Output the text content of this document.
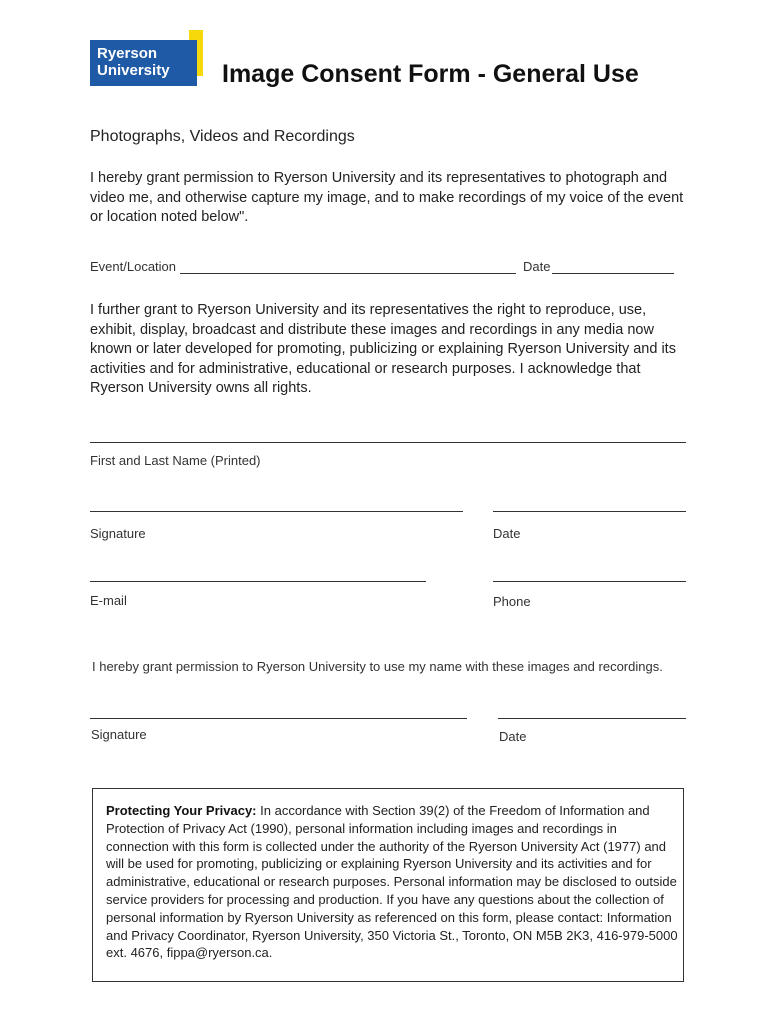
Ryerson
University Image Consent Form - General Use
Photographs, Videos and Recordings
I hereby grant permission to Ryerson University and its representatives to photograph and video me, and otherwise capture my image, and to make recordings of my voice of the event or location noted below".
Event/Location	Date
I further grant to Ryerson University and its representatives the right to reproduce, use, exhibit, display, broadcast and distribute these images and recordings in any media now known or later developed for promoting, publicizing or explaining Ryerson University and its activities and for administrative, educational or research purposes. I acknowledge that Ryerson University owns all rights.
First and Last Name (Printed)
Signature	Date
E-mail	Phone
I hereby grant permission to Ryerson University to use my name with these images and recordings.
Signature	Date
Protecting Your Privacy: In accordance with Section 39(2) of the Freedom of Information and Protection of Privacy Act (1990), personal information including images and recordings in connection with this form is collected under the authority of the Ryerson University Act (1977) and will be used for promoting, publicizing or explaining Ryerson University and its activities and for administrative, educational or research purposes. Personal information may be disclosed to outside service providers for processing and production. If you have any questions about the collection of personal information by Ryerson University as referenced on this form, please contact: Information and Privacy Coordinator, Ryerson University, 350 Victoria St., Toronto, ON M5B 2K3, 416-979-5000 ext. 4676, fippa@ryerson.ca.
